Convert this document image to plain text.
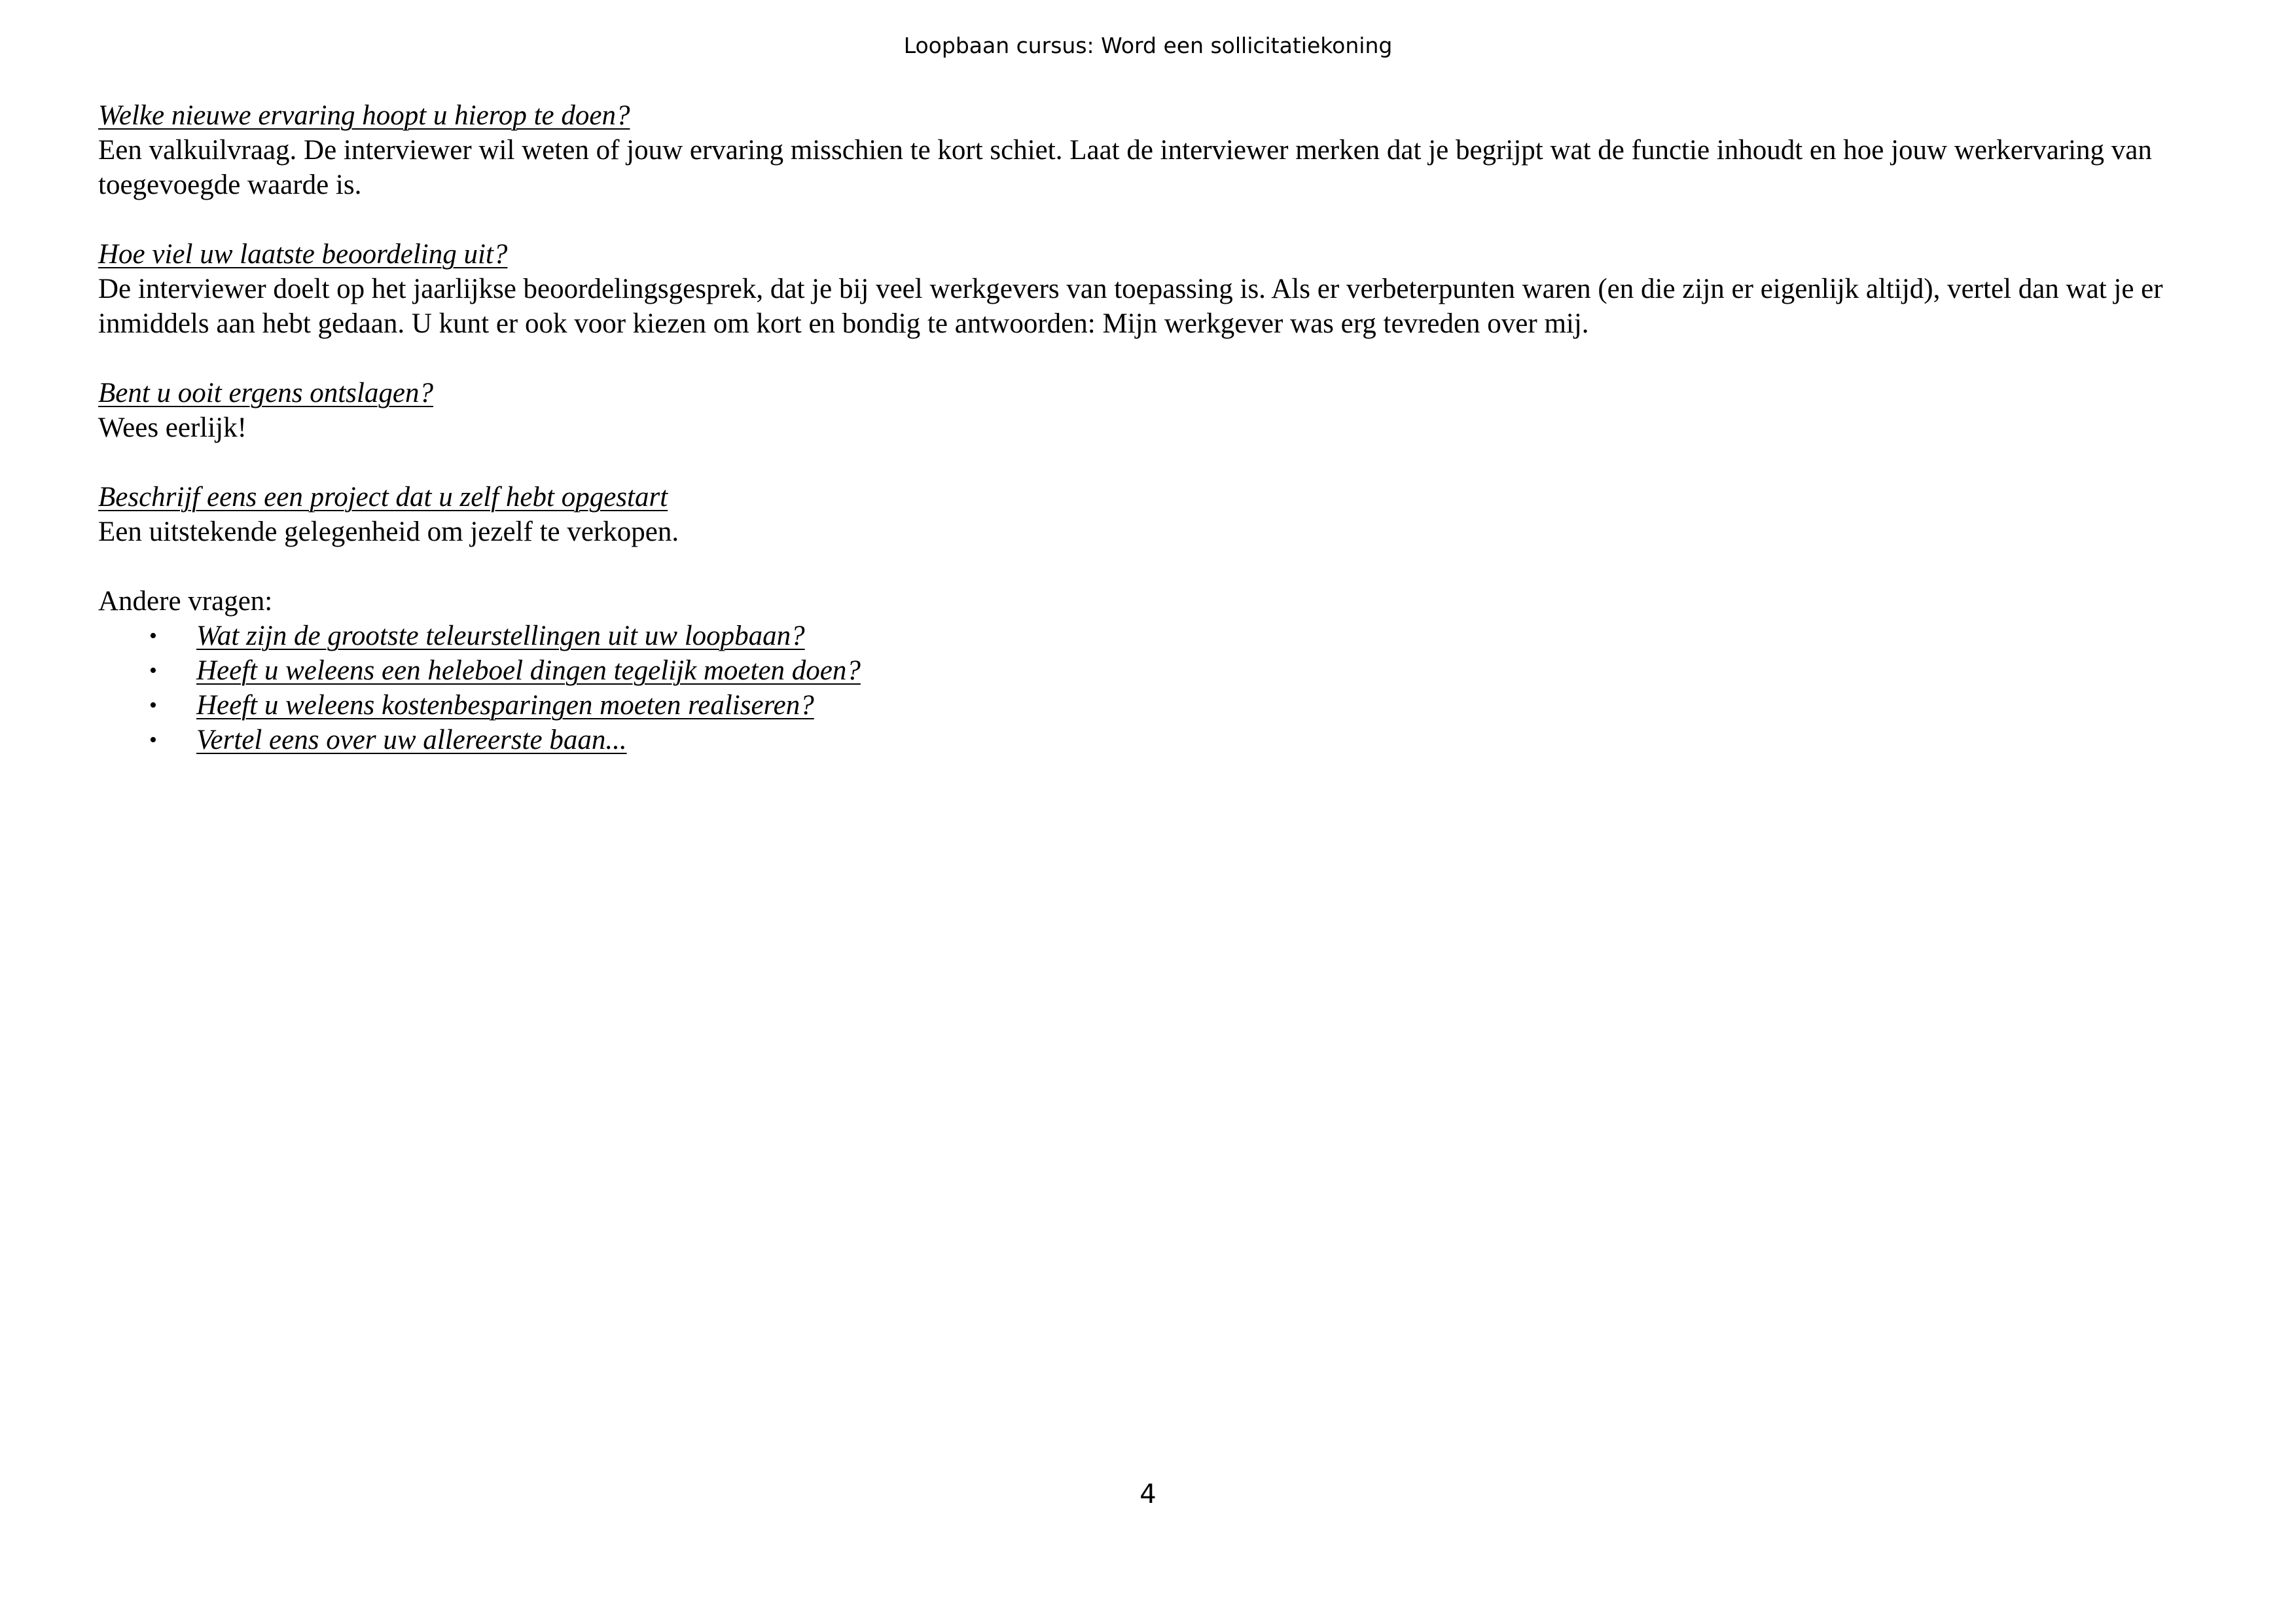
Loopbaan cursus: Word een sollicitatiekoning

Welke nieuwe ervaring hoopt u hierop te doen?

Een valkuilvraag. De interviewer wil weten of jouw ervaring misschien te kort schiet. Laat de interviewer merken dat je begrijpt wat de functie inhoudt en hoe jouw werkervaring van toegevoegde waarde is.

Hoe viel uw laatste beoordeling uit?

De interviewer doelt op het jaarlijkse beoordelingsgesprek, dat je bij veel werkgevers van toepassing is. Als er verbeterpunten waren (en die zijn er eigenlijk altijd), vertel dan wat je er inmiddels aan hebt gedaan. U kunt er ook voor kiezen om kort en bondig te antwoorden: Mijn werkgever was erg tevreden over mij.

Bent u ooit ergens ontslagen?

Wees eerlijk!

Beschrijf eens een project dat u zelf hebt opgestart

Een uitstekende gelegenheid om jezelf te verkopen.

Andere vragen:

• Wat zijn de grootste teleurstellingen uit uw loopbaan?
• Heeft u weleens een heleboel dingen tegelijk moeten doen?
• Heeft u weleens kostenbesparingen moeten realiseren?
• Vertel eens over uw allereerste baan...
4
